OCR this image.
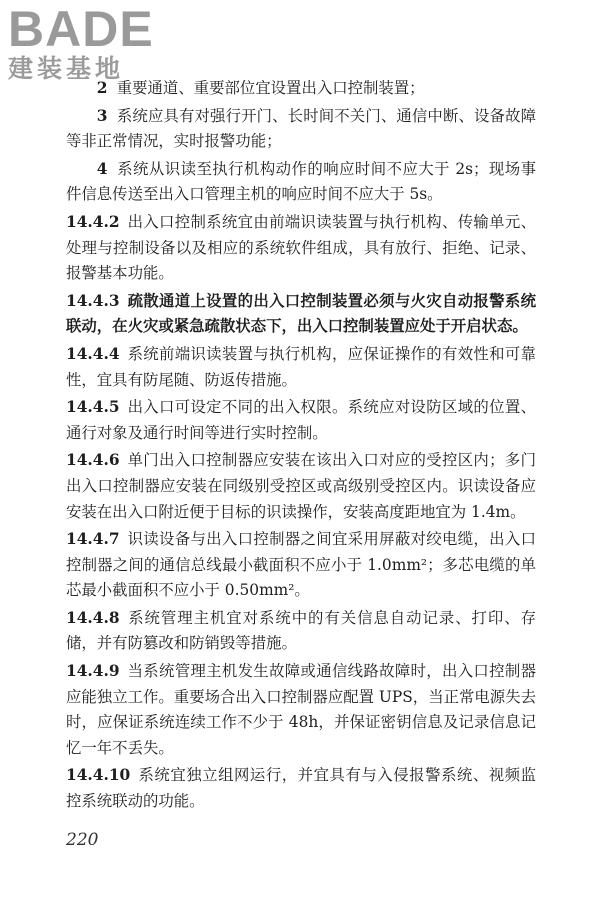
BADE
建装基地

2 重要通道、重要部位宜设置出入口控制装置；

3 系统应具有对强行开门、长时间不关门、通信中断、设备故障等非正常情况，实时报警功能；

4 系统从识读至执行机构动作的响应时间不应大于 2s；现场事件信息传送至出入口管理主机的响应时间不应大于 5s。

14.4.2 出入口控制系统宜由前端识读装置与执行机构、传输单元、处理与控制设备以及相应的系统软件组成，具有放行、拒绝、记录、报警基本功能。

14.4.3 疏散通道上设置的出入口控制装置必须与火灾自动报警系统联动，在火灾或紧急疏散状态下，出入口控制装置应处于开启状态。

14.4.4 系统前端识读装置与执行机构，应保证操作的有效性和可靠性，宜具有防尾随、防返传措施。

14.4.5 出入口可设定不同的出入权限。系统应对设防区域的位置、通行对象及通行时间等进行实时控制。

14.4.6 单门出入口控制器应安装在该出入口对应的受控区内；多门出入口控制器应安装在同级别受控区或高级别受控区内。识读设备应安装在出入口附近便于目标的识读操作，安装高度距地宜为 1.4m。

14.4.7 识读设备与出入口控制器之间宜采用屏蔽对绞电缆，出入口控制器之间的通信总线最小截面积不应小于 1.0mm²；多芯电缆的单芯最小截面积不应小于 0.50mm²。

14.4.8 系统管理主机宜对系统中的有关信息自动记录、打印、存储，并有防篡改和防销毁等措施。

14.4.9 当系统管理主机发生故障或通信线路故障时，出入口控制器应能独立工作。重要场合出入口控制器应配置 UPS，当正常电源失去时，应保证系统连续工作不少于 48h，并保证密钥信息及记录信息记忆一年不丢失。

14.4.10 系统宜独立组网运行，并宜具有与入侵报警系统、视频监控系统联动的功能。

220
